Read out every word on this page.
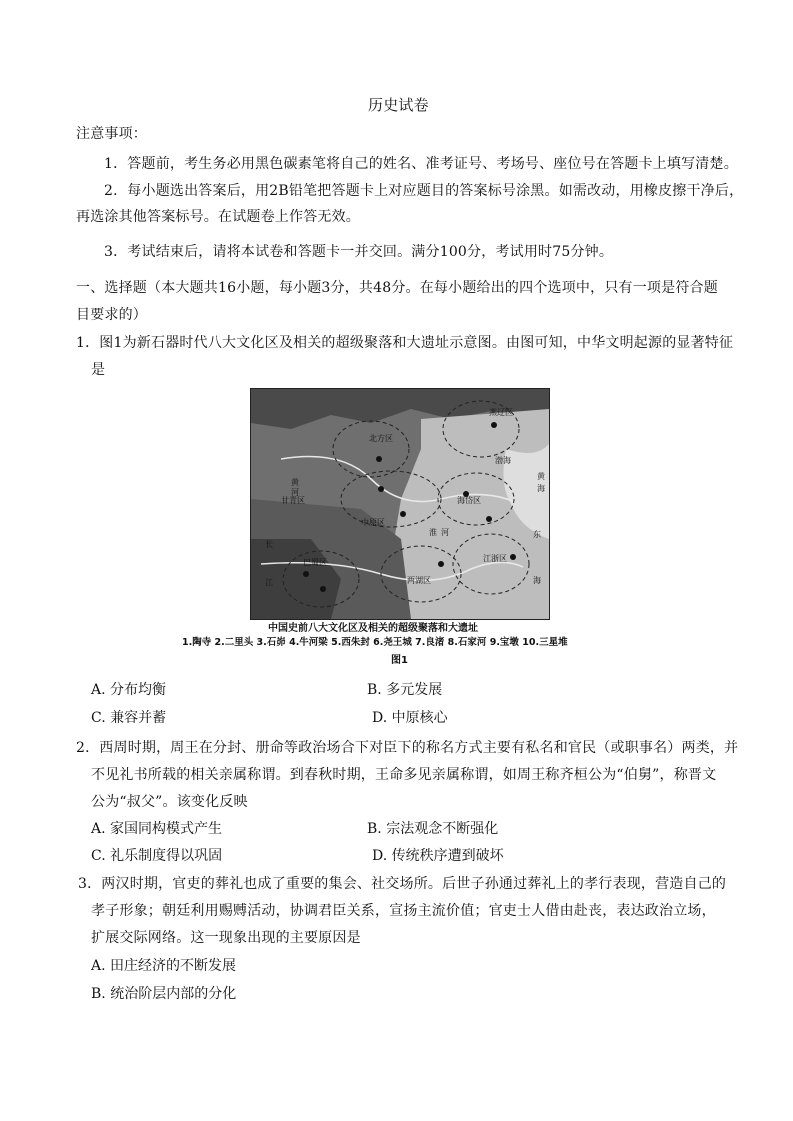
历史试卷
注意事项：
1．答题前，考生务必用黑色碳素笔将自己的姓名、准考证号、考场号、座位号在答题卡上填写清楚。
2．每小题选出答案后，用2B铅笔把答题卡上对应题目的答案标号涂黑。如需改动，用橡皮擦干净后，
再选涂其他答案标号。在试题卷上作答无效。
3．考试结束后，请将本试卷和答题卡一并交回。满分100分，考试用时75分钟。
一、选择题（本大题共16小题，每小题3分，共48分。在每小题给出的四个选项中，只有一项是符合题
目要求的）
1．图1为新石器时代八大文化区及相关的超级聚落和大遗址示意图。由图可知，中华文明起源的显著特征
是
燕辽区
北方区
渤海
黄
海
海岱区
中原区
东
海
江浙区
两湖区
巴蜀区
甘青区
长
江
黄
河
淮 河
中国史前八大文化区及相关的超级聚落和大遗址
1.陶寺 2.二里头 3.石峁 4.牛河梁 5.西朱封 6.尧王城 7.良渚 8.石家河 9.宝墩 10.三星堆
图1
A. 分布均衡	B. 多元发展
C. 兼容并蓄	D. 中原核心
2．西周时期，周王在分封、册命等政治场合下对臣下的称名方式主要有私名和官民（或职事名）两类，并
不见礼书所载的相关亲属称谓。到春秋时期，王命多见亲属称谓，如周王称齐桓公为“伯舅”，称晋文
公为“叔父”。该变化反映
A. 家国同构模式产生	B. 宗法观念不断强化
C. 礼乐制度得以巩固	D. 传统秩序遭到破坏
3．两汉时期，官吏的葬礼也成了重要的集会、社交场所。后世子孙通过葬礼上的孝行表现，营造自己的
孝子形象；朝廷利用赐赙活动，协调君臣关系，宣扬主流价值；官吏士人借由赴丧，表达政治立场，
扩展交际网络。这一现象出现的主要原因是
A. 田庄经济的不断发展
B. 统治阶层内部的分化
